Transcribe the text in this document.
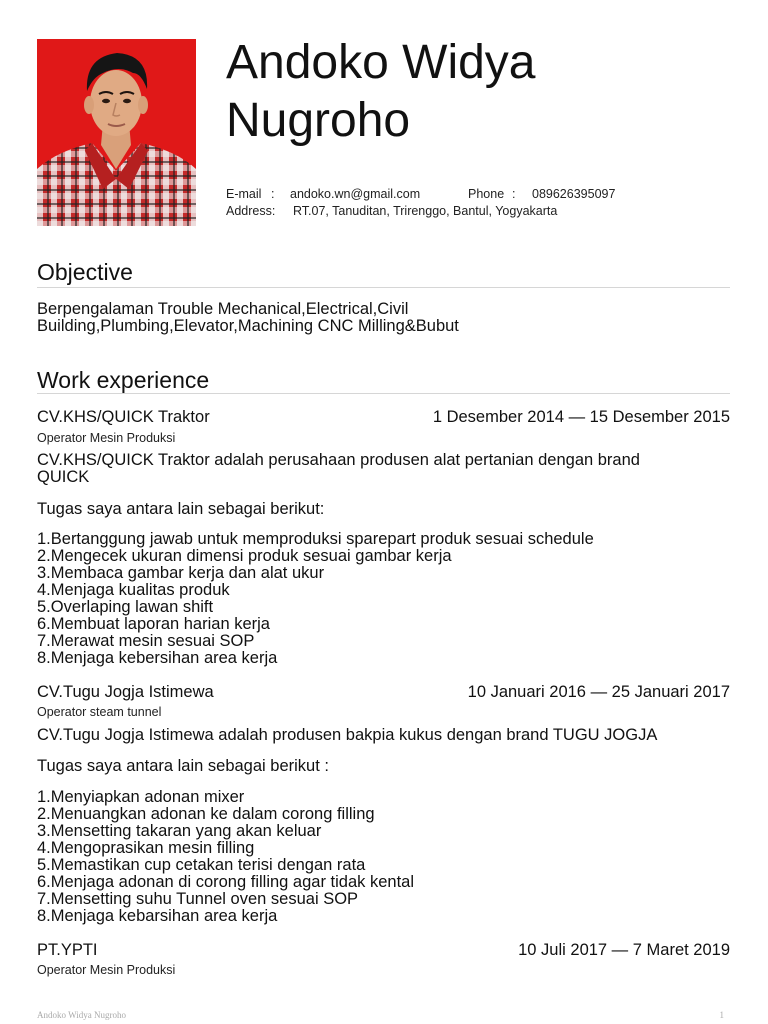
Andoko Widya
Nugroho
E-mail : andoko.wn@gmail.com	Phone : 089626395097
Address: RT.07, Tanuditan, Trirenggo, Bantul, Yogyakarta
Objective
Berpengalaman Trouble Mechanical,Electrical,Civil
Building,Plumbing,Elevator,Machining CNC Milling&Bubut
Work experience
CV.KHS/QUICK Traktor	1 Desember 2014 — 15 Desember 2015
Operator Mesin Produksi
CV.KHS/QUICK Traktor adalah perusahaan produsen alat pertanian dengan brand
QUICK
Tugas saya antara lain sebagai berikut:
1.Bertanggung jawab untuk memproduksi sparepart produk sesuai schedule
2.Mengecek ukuran dimensi produk sesuai gambar kerja
3.Membaca gambar kerja dan alat ukur
4.Menjaga kualitas produk
5.Overlaping lawan shift
6.Membuat laporan harian kerja
7.Merawat mesin sesuai SOP
8.Menjaga kebersihan area kerja
CV.Tugu Jogja Istimewa	10 Januari 2016 — 25 Januari 2017
Operator steam tunnel
CV.Tugu Jogja Istimewa adalah produsen bakpia kukus dengan brand TUGU JOGJA
Tugas saya antara lain sebagai berikut :
1.Menyiapkan adonan mixer
2.Menuangkan adonan ke dalam corong filling
3.Mensetting takaran yang akan keluar
4.Mengoprasikan mesin filling
5.Memastikan cup cetakan terisi dengan rata
6.Menjaga adonan di corong filling agar tidak kental
7.Mensetting suhu Tunnel oven sesuai SOP
8.Menjaga kebarsihan area kerja
PT.YPTI	10 Juli 2017 — 7 Maret 2019
Operator Mesin Produksi
Andoko Widya Nugroho	1
